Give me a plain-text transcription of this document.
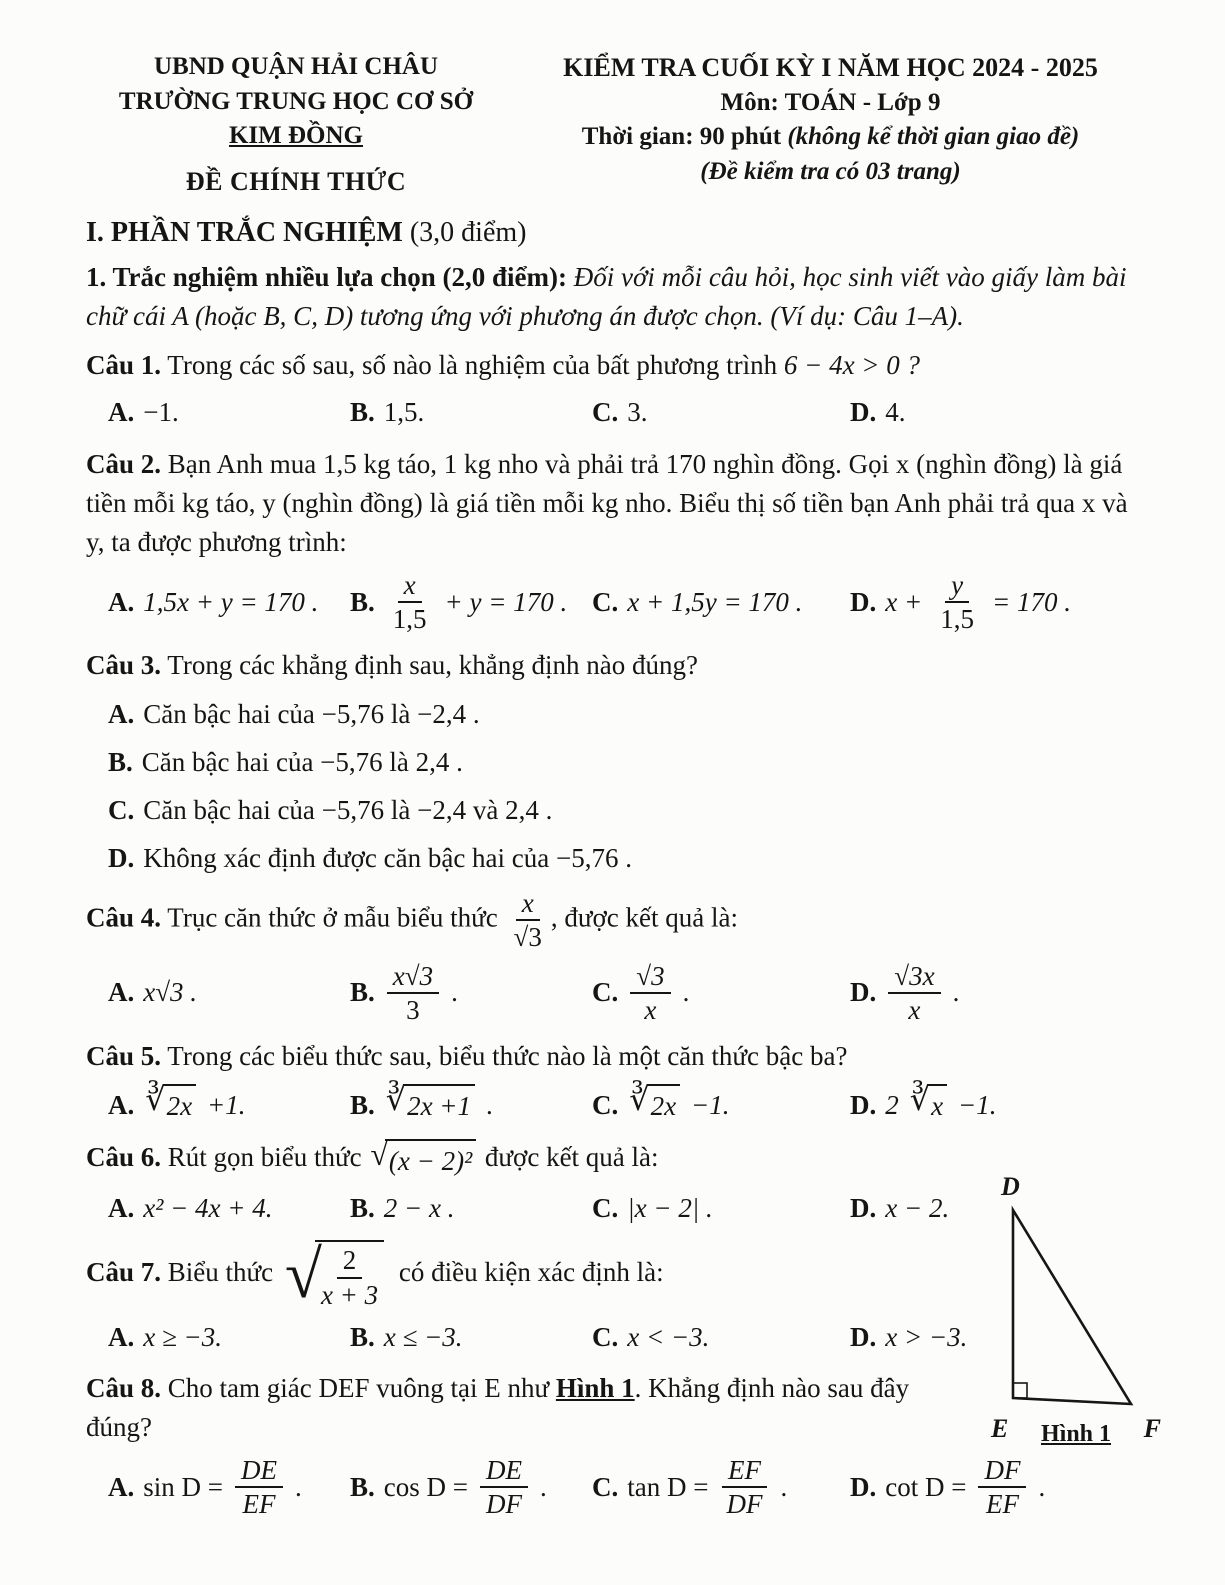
UBND QUẬN HẢI CHÂU
TRƯỜNG TRUNG HỌC CƠ SỞ
KIM ĐỒNG
ĐỀ CHÍNH THỨC
KIỂM TRA CUỐI KỲ I NĂM HỌC 2024 - 2025
Môn: TOÁN - Lớp 9
Thời gian: 90 phút (không kể thời gian giao đề)
(Đề kiểm tra có 03 trang)
I. PHẦN TRẮC NGHIỆM (3,0 điểm)

1. Trắc nghiệm nhiều lựa chọn (2,0 điểm): Đối với mỗi câu hỏi, học sinh viết vào giấy làm bài chữ cái A (hoặc B, C, D) tương ứng với phương án được chọn. (Ví dụ: Câu 1–A).

Câu 1. Trong các số sau, số nào là nghiệm của bất phương trình 6 − 4x > 0 ?

A. −1.	B. 1,5.	C. 3.	D. 4.

Câu 2. Bạn Anh mua 1,5 kg táo, 1 kg nho và phải trả 170 nghìn đồng. Gọi x (nghìn đồng) là giá tiền mỗi kg táo, y (nghìn đồng) là giá tiền mỗi kg nho. Biểu thị số tiền bạn Anh phải trả qua x và y, ta được phương trình:

A. 1,5x + y = 170 . B. $\frac{x}{1,5} + y = 170$ . C. x + 1,5y = 170 . D. $x + \frac{y}{1,5} = 170$ .

Câu 3. Trong các khẳng định sau, khẳng định nào đúng?

A. Căn bậc hai của −5,76 là −2,4 .
B. Căn bậc hai của −5,76 là 2,4 .
C. Căn bậc hai của −5,76 là −2,4 và 2,4 .
D. Không xác định được căn bậc hai của −5,76 .

Câu 4. Trục căn thức ở mẫu biểu thức $\frac{x}{√3}$ , được kết quả là:

A. x√3 .	B. $\frac{x√3}{3}$ .	C. $\frac{√3}{x}$ .	D. $\frac{√3x}{x}$ .

Câu 5. Trong các biểu thức sau, biểu thức nào là một căn thức bậc ba?

A. ∛ 2x +1.	B. ∛ 2x +1 .	C. ∛ 2x −1.	D. 2 ∛ x −1.

Câu 6. Rút gọn biểu thức √ (x − 2)² được kết quả là:

A. x² − 4x + 4.	B. 2 − x .	C. |x − 2| .	D. x − 2.

Câu 7. Biểu thức √
$\frac{2}{x + 3}$ có điều kiện xác định là:

A. x ≥ −3.	B. x ≤ −3.	C. x < −3.	D. x > −3.

Câu 8. Cho tam giác DEF vuông tại E như Hình 1. Khẳng định nào sau đây đúng?

A. $\sin D = \frac{DE}{EF}$ . B. $\cos D = \frac{DE}{DF}$ . C. $\tan D = \frac{EF}{DF}$ . D. $\cot D = \frac{DF}{EF}$ .
D
E Hình 1 F
